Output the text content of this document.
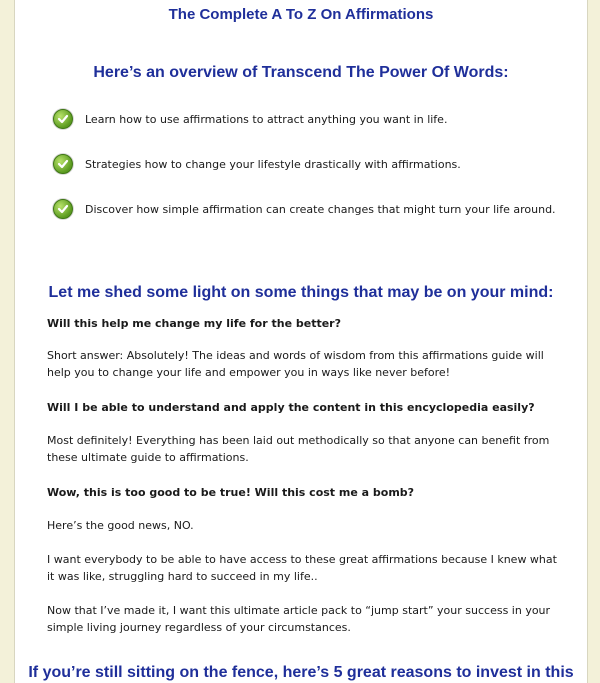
The Complete A To Z On Affirmations
Here’s an overview of Transcend The Power Of Words:
Learn how to use affirmations to attract anything you want in life.
Strategies how to change your lifestyle drastically with affirmations.
Discover how simple affirmation can create changes that might turn your life around.
Let me shed some light on some things that may be on your mind:
Will this help me change my life for the better?
Short answer: Absolutely! The ideas and words of wisdom from this affirmations guide will help you to change your life and empower you in ways like never before!
Will I be able to understand and apply the content in this encyclopedia easily?
Most definitely! Everything has been laid out methodically so that anyone can benefit from these ultimate guide to affirmations.
Wow, this is too good to be true! Will this cost me a bomb?
Here’s the good news, NO.
I want everybody to be able to have access to these great affirmations because I knew what it was like, struggling hard to succeed in my life..
Now that I’ve made it, I want this ultimate article pack to “jump start” your success in your simple living journey regardless of your circumstances.
If you’re still sitting on the fence, here’s 5 great reasons to invest in this
